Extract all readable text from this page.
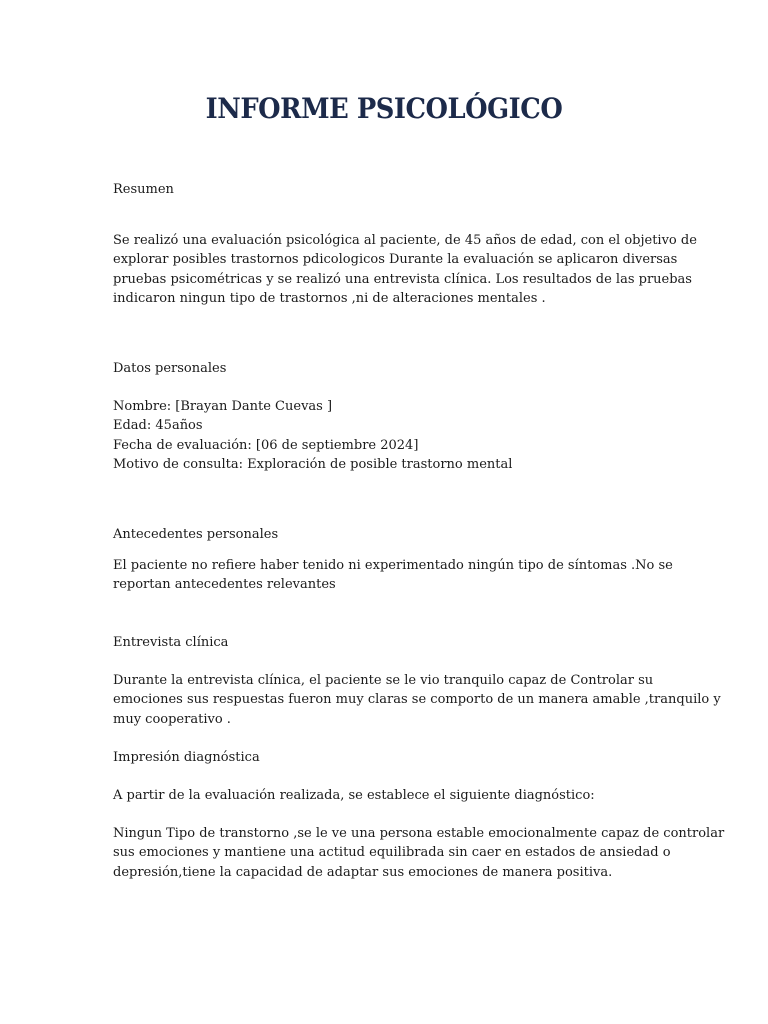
INFORME PSICOLÓGICO

Resumen

Se realizó una evaluación psicológica al paciente, de 45 años de edad, con el objetivo de
explorar posibles trastornos pdicologicos Durante la evaluación se aplicaron diversas
pruebas psicométricas y se realizó una entrevista clínica. Los resultados de las pruebas
indicaron ningun tipo de trastornos ,ni de alteraciones mentales .

Datos personales

Nombre: [Brayan Dante Cuevas ]
Edad: 45años
Fecha de evaluación: [06 de septiembre 2024]
Motivo de consulta: Exploración de posible trastorno mental

Antecedentes personales

El paciente no refiere haber tenido ni experimentado ningún tipo de síntomas .No se
reportan antecedentes relevantes

Entrevista clínica

Durante la entrevista clínica, el paciente se le vio tranquilo capaz de Controlar su
emociones sus respuestas fueron muy claras se comporto de un manera amable ,tranquilo y
muy cooperativo .

Impresión diagnóstica

A partir de la evaluación realizada, se establece el siguiente diagnóstico:

Ningun Tipo de transtorno ,se le ve una persona estable emocionalmente capaz de controlar
sus emociones y mantiene una actitud equilibrada sin caer en estados de ansiedad o
depresión,tiene la capacidad de adaptar sus emociones de manera positiva.
